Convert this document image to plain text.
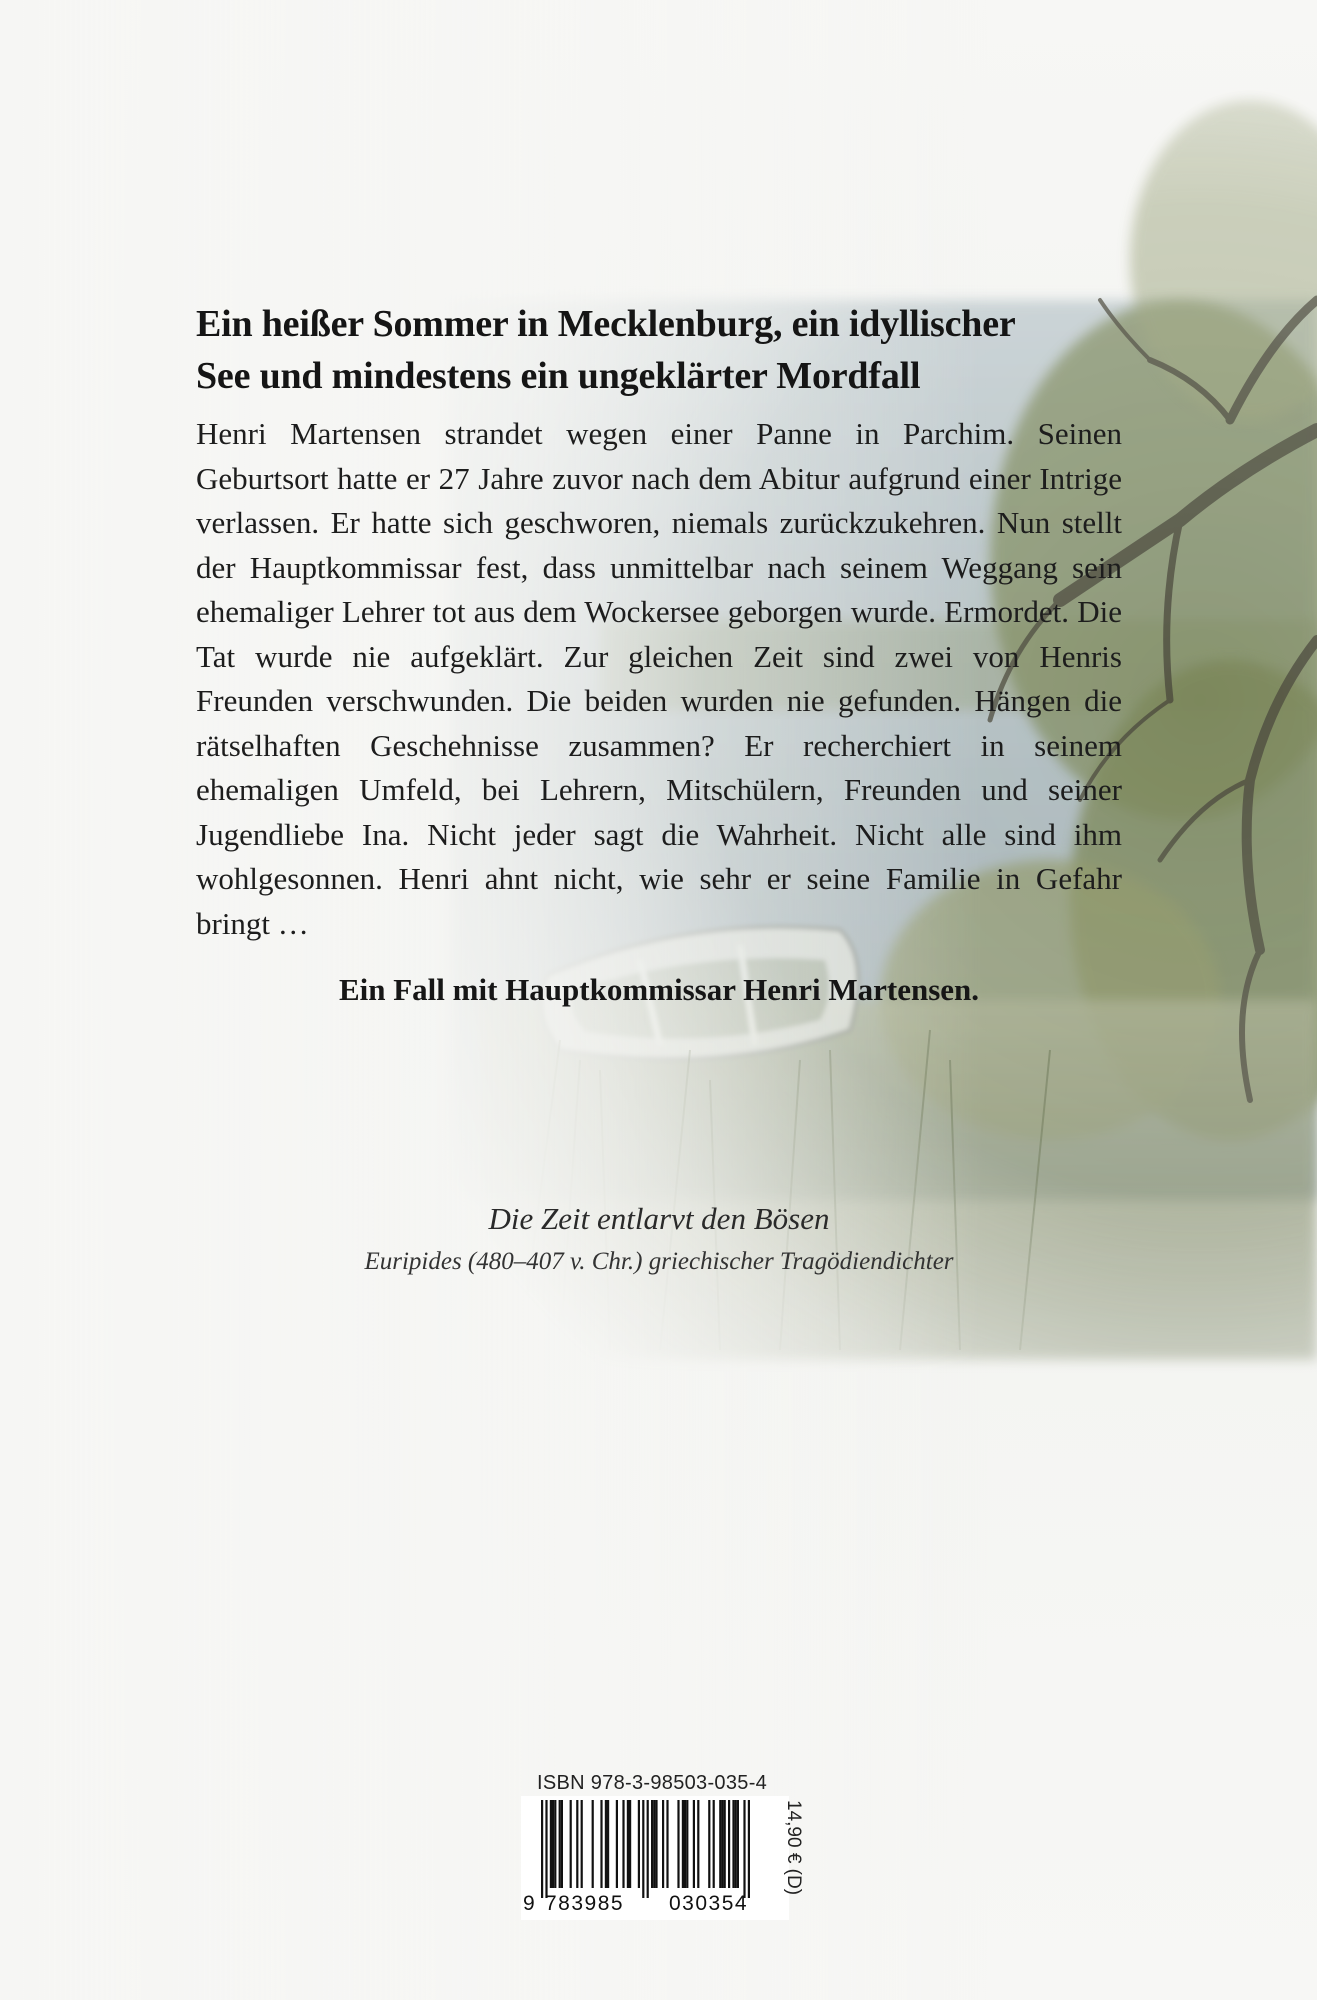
Ein heißer Sommer in Mecklenburg, ein idyllischer
See und mindestens ein ungeklärter Mordfall

Henri Martensen strandet wegen einer Panne in Parchim. Seinen Geburtsort hatte er 27 Jahre zuvor nach dem Abitur aufgrund einer Intrige verlassen. Er hatte sich geschworen, niemals zurückzukehren. Nun stellt der Hauptkommissar fest, dass unmittelbar nach seinem Weggang sein ehemaliger Lehrer tot aus dem Wockersee geborgen wurde. Ermordet. Die Tat wurde nie aufgeklärt. Zur gleichen Zeit sind zwei von Henris Freunden verschwunden. Die beiden wurden nie gefunden. Hängen die rätselhaften Geschehnisse zusammen? Er recherchiert in seinem ehemaligen Umfeld, bei Lehrern, Mitschülern, Freunden und seiner Jugendliebe Ina. Nicht jeder sagt die Wahrheit. Nicht alle sind ihm wohlgesonnen. Henri ahnt nicht, wie sehr er seine Familie in Gefahr bringt …

Ein Fall mit Hauptkommissar Henri Martensen.

Die Zeit entlarvt den Bösen
Euripides (480–407 v. Chr.) griechischer Tragödiendichter
ISBN 978-3-98503-035-4
9 783985 030354
14,90 € (D)
